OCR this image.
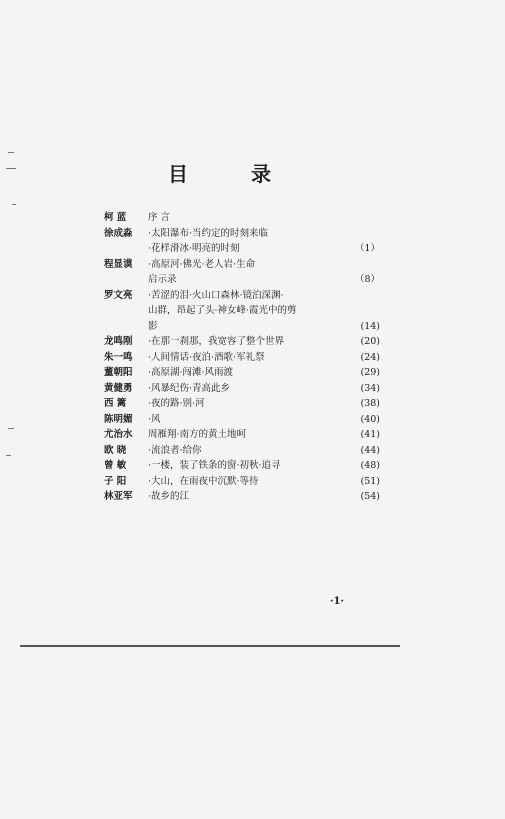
目 录
柯 蓝 序 言
徐成淼 ·太阳瀑布·当约定的时刻来临
·花样滑冰·明亮的时刻	（1）
程显谟 ·高原河·佛光·老人岩·生命
启示录	（8）
罗文亮 ·苦涩的泪·火山口森林·镜泊深渊·
山群，昂起了头·神女峰·霞光中的剪
影	(14)
龙鸣刚 ·在那一刹那，我宽容了整个世界	(20)
朱一鸣 ·人间情话·夜泊·酒歌·军礼祭	(24)
董朝阳 ·高原湖·闯滩·风雨渡	(29)
黄健勇 ·风暴纪伤·青高此乡	(34)
西 篱 ·夜的路·别·河	(38)
陈明媚 ·风	(40)
尤治水 周雁翔·南方的黄土地呵	(41)
欧 晓 ·流浪者·给你	(44)
曾 敏 ·一楼，装了铁条的窗·初秋·追寻	(48)
子 阳 ·大山，在雨夜中沉默·等待	(51)
林亚军 ·故乡的江	(54)
·1·
